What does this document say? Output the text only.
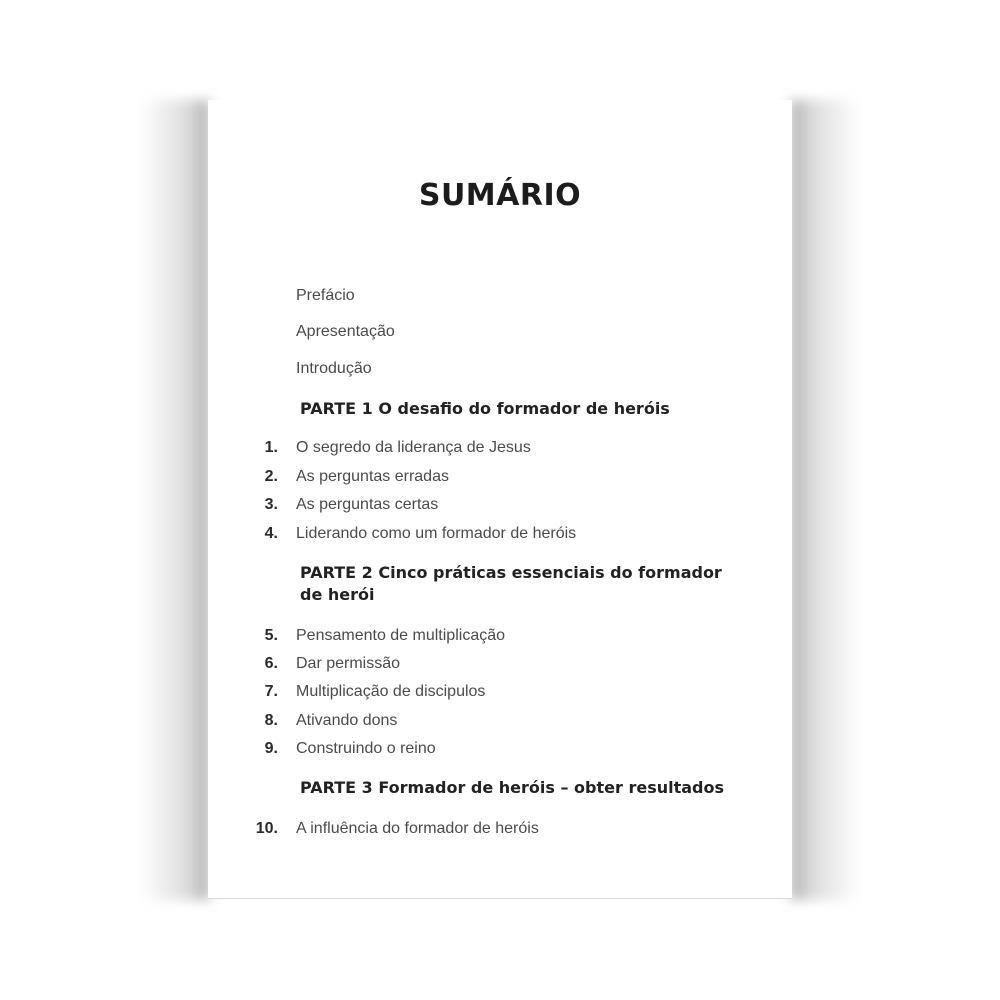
SUMÁRIO
Prefácio
Apresentação
Introdução
PARTE 1 O desafio do formador de heróis
1. O segredo da liderança de Jesus
2. As perguntas erradas
3. As perguntas certas
4. Liderando como um formador de heróis
PARTE 2 Cinco práticas essenciais do formador de herói
5. Pensamento de multiplicação
6. Dar permissão
7. Multiplicação de discipulos
8. Ativando dons
9. Construindo o reino
PARTE 3 Formador de heróis – obter resultados
10. A influência do formador de heróis
